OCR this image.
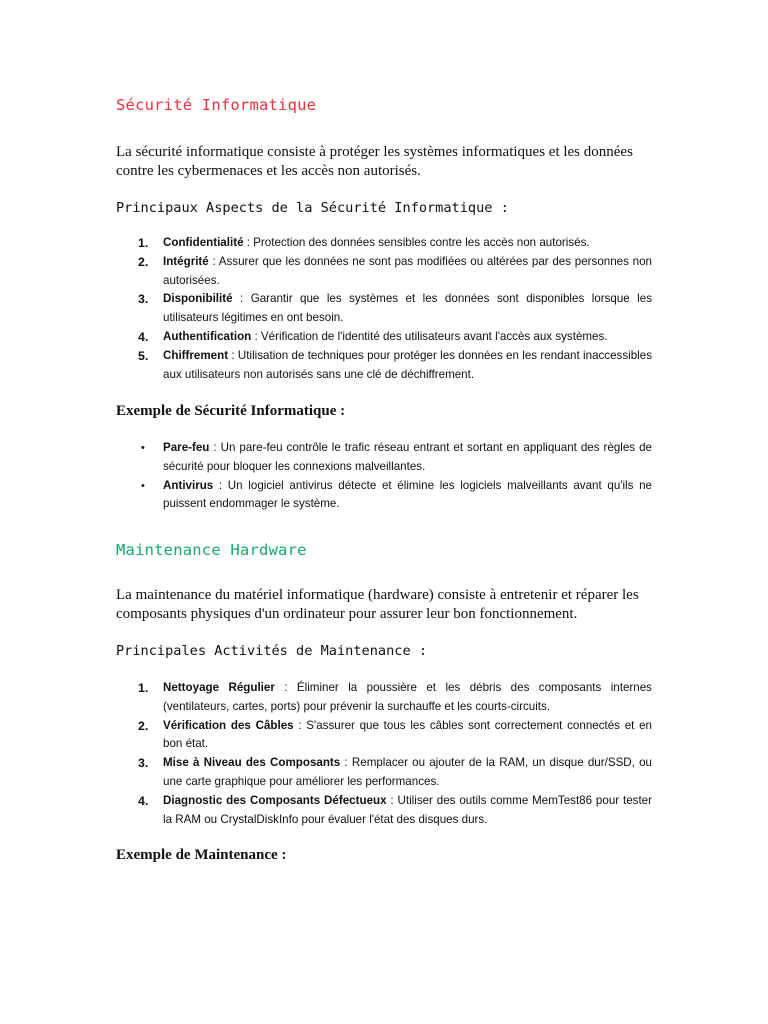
Sécurité Informatique
La sécurité informatique consiste à protéger les systèmes informatiques et les données contre les cybermenaces et les accès non autorisés.
Principaux Aspects de la Sécurité Informatique :
1. Confidentialité : Protection des données sensibles contre les accès non autorisés.
2. Intégrité : Assurer que les données ne sont pas modifiées ou altérées par des personnes non autorisées.
3. Disponibilité : Garantir que les systèmes et les données sont disponibles lorsque les utilisateurs légitimes en ont besoin.
4. Authentification : Vérification de l'identité des utilisateurs avant l'accès aux systèmes.
5. Chiffrement : Utilisation de techniques pour protéger les données en les rendant inaccessibles aux utilisateurs non autorisés sans une clé de déchiffrement.
Exemple de Sécurité Informatique :
• Pare-feu : Un pare-feu contrôle le trafic réseau entrant et sortant en appliquant des règles de sécurité pour bloquer les connexions malveillantes.
• Antivirus : Un logiciel antivirus détecte et élimine les logiciels malveillants avant qu'ils ne puissent endommager le système.
Maintenance Hardware
La maintenance du matériel informatique (hardware) consiste à entretenir et réparer les composants physiques d'un ordinateur pour assurer leur bon fonctionnement.
Principales Activités de Maintenance :
1. Nettoyage Régulier : Éliminer la poussière et les débris des composants internes (ventilateurs, cartes, ports) pour prévenir la surchauffe et les courts-circuits.
2. Vérification des Câbles : S'assurer que tous les câbles sont correctement connectés et en bon état.
3. Mise à Niveau des Composants : Remplacer ou ajouter de la RAM, un disque dur/SSD, ou une carte graphique pour améliorer les performances.
4. Diagnostic des Composants Défectueux : Utiliser des outils comme MemTest86 pour tester la RAM ou CrystalDiskInfo pour évaluer l'état des disques durs.
Exemple de Maintenance :
